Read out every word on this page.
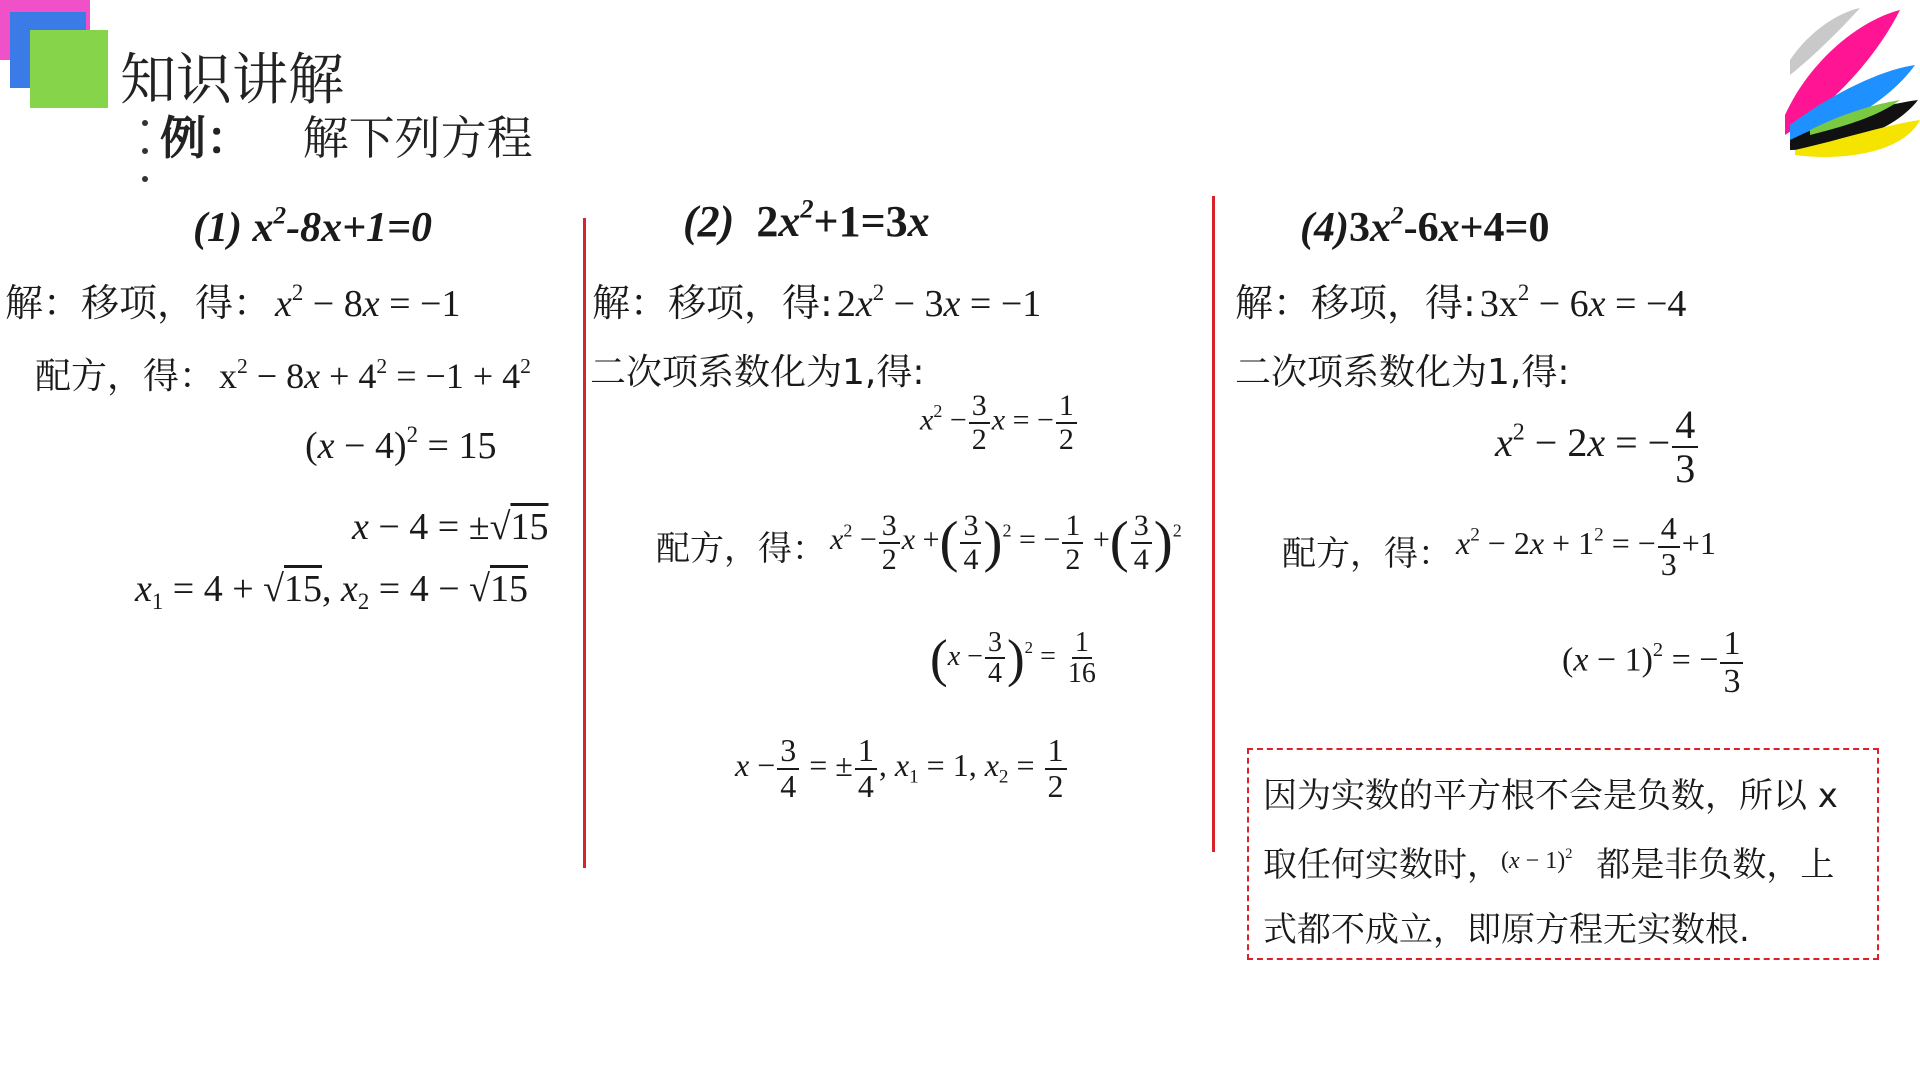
知识讲解
例： 解下列方程
(1) $x^2-8x+1=0$
解：移项，得： $x^2 - 8x = -1$
配方，得： $x^2 - 8x + 4^2 = -1 + 4^2$
$(x - 4)^2 = 15$
x − 4 = ±√15
$x_1 = 4 + √15$, $x_2 = 4 - √15$
(2)  $2x^2+1=3x$
解：移项，得: $2x^2 - 3x = -1$
二次项系数化为1,得:
$x^2 - \frac{3}{2}$ x = − $\frac{1}{2}$
配方，得： $x^2 - \frac{3}{2}$ x +( $\frac{3}{4} )^2$ = − $\frac{1}{2}$ +( $\frac{3}{4} )^2$
$(x - \frac{3}{4} )^2 = \frac{1}{16}$
$x - \frac{3}{4}$ = ± $\frac{1}{4}$ , $x_1 = 1$, $x_2 = \frac{1}{2}$
$(4)3x^2-6x+4=0$
解：移项，得: $3x^2 - 6x = -4$
二次项系数化为1,得:
$x^2 - 2x$ = − $\frac{4}{3}$
配方，得： $x^2 - 2x + 1^2$ = − $\frac{4}{3} +1$
$(x - 1)^2$ = − $\frac{1}{3}$
因为实数的平方根不会是负数，所以 x
取任何实数时，$^{(x - 1)^2}$ 都是非负数，上
式都不成立，即原方程无实数根.
